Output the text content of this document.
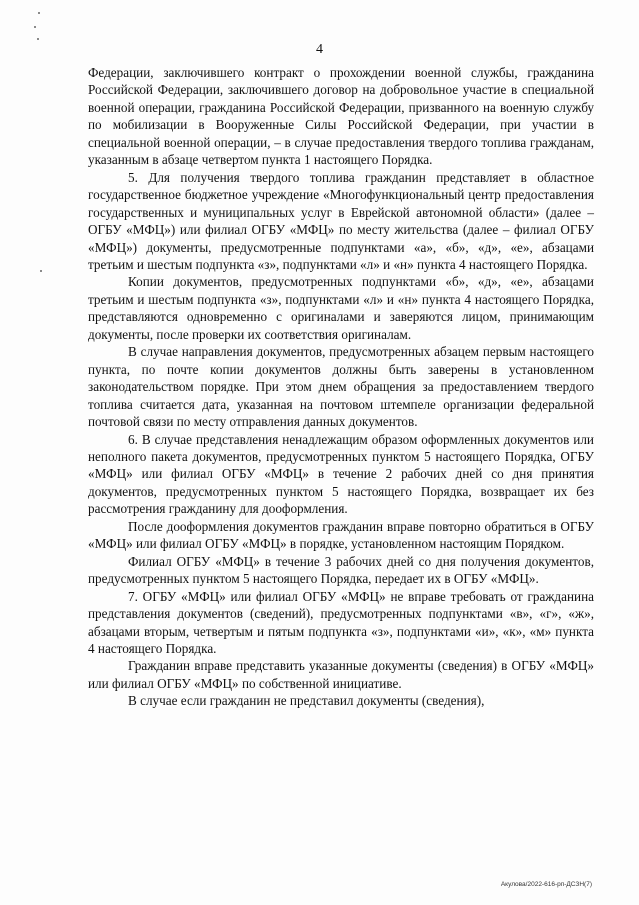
4

Федерации, заключившего контракт о прохождении военной службы, гражданина Российской Федерации, заключившего договор на добровольное участие в специальной военной операции, гражданина Российской Федерации, призванного на военную службу по мобилизации в Вооруженные Силы Российской Федерации, при участии в специальной военной операции, – в случае предоставления твердого топлива гражданам, указанным в абзаце четвертом пункта 1 настоящего Порядка.

5. Для получения твердого топлива гражданин представляет в областное государственное бюджетное учреждение «Многофункциональный центр предоставления государственных и муниципальных услуг в Еврейской автономной области» (далее – ОГБУ «МФЦ») или филиал ОГБУ «МФЦ» по месту жительства (далее – филиал ОГБУ «МФЦ») документы, предусмотренные подпунктами «а», «б», «д», «е», абзацами третьим и шестым подпункта «з», подпунктами «л» и «н» пункта 4 настоящего Порядка.

Копии документов, предусмотренных подпунктами «б», «д», «е», абзацами третьим и шестым подпункта «з», подпунктами «л» и «н» пункта 4 настоящего Порядка, представляются одновременно с оригиналами и заверяются лицом, принимающим документы, после проверки их соответствия оригиналам.

В случае направления документов, предусмотренных абзацем первым настоящего пункта, по почте копии документов должны быть заверены в установленном законодательством порядке. При этом днем обращения за предоставлением твердого топлива считается дата, указанная на почтовом штемпеле организации федеральной почтовой связи по месту отправления данных документов.

6. В случае представления ненадлежащим образом оформленных документов или неполного пакета документов, предусмотренных пунктом 5 настоящего Порядка, ОГБУ «МФЦ» или филиал ОГБУ «МФЦ» в течение 2 рабочих дней со дня принятия документов, предусмотренных пунктом 5 настоящего Порядка, возвращает их без рассмотрения гражданину для дооформления.

После дооформления документов гражданин вправе повторно обратиться в ОГБУ «МФЦ» или филиал ОГБУ «МФЦ» в порядке, установленном настоящим Порядком.

Филиал ОГБУ «МФЦ» в течение 3 рабочих дней со дня получения документов, предусмотренных пунктом 5 настоящего Порядка, передает их в ОГБУ «МФЦ».

7. ОГБУ «МФЦ» или филиал ОГБУ «МФЦ» не вправе требовать от гражданина представления документов (сведений), предусмотренных подпунктами «в», «г», «ж», абзацами вторым, четвертым и пятым подпункта «з», подпунктами «и», «к», «м» пункта 4 настоящего Порядка.

Гражданин вправе представить указанные документы (сведения) в ОГБУ «МФЦ» или филиал ОГБУ «МФЦ» по собственной инициативе.

В случае если гражданин не представил документы (сведения),

Акулова/2022-616-рп-ДСЗН(7)
